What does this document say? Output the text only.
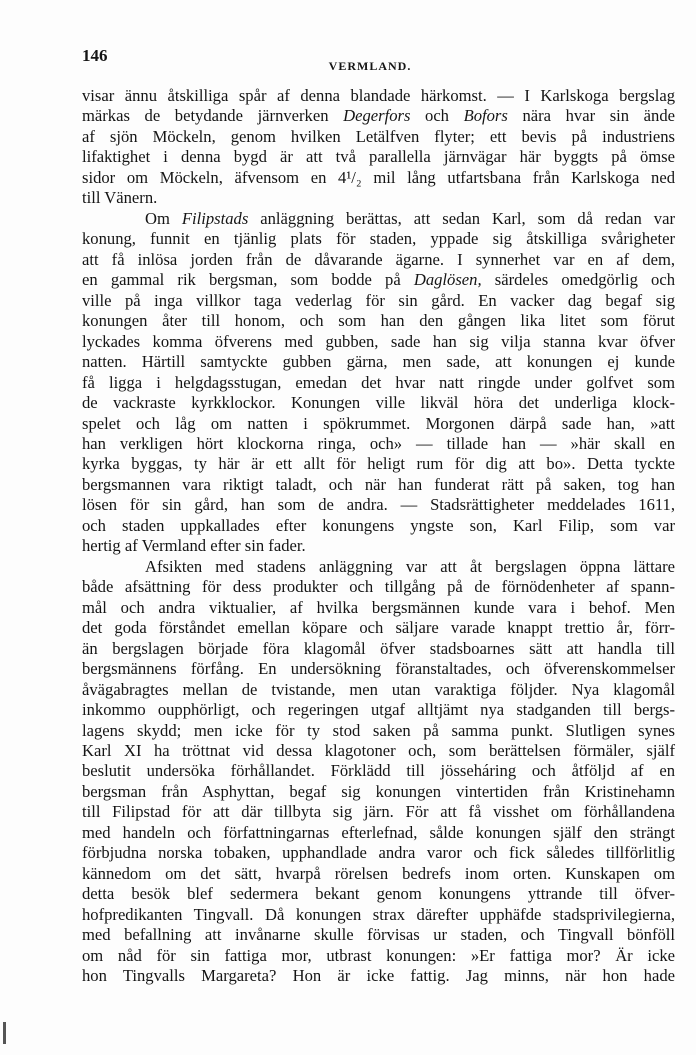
146
VERMLAND.
visar ännu åtskilliga spår af denna blandade härkomst. — I Karlskoga bergslag
märkas de betydande järnverken Degerfors och Bofors nära hvar sin ände
af sjön Möckeln, genom hvilken Letälfven flyter; ett bevis på industriens
lifaktighet i denna bygd är att två parallella järnvägar här byggts på ömse
sidor om Möckeln, äfvensom en 4¹/₂ mil lång utfartsbana från Karlskoga ned
till Vänern.
Om Filipstads anläggning berättas, att sedan Karl, som då redan var
konung, funnit en tjänlig plats för staden, yppade sig åtskilliga svårigheter
att få inlösa jorden från de dåvarande ägarne. I synnerhet var en af dem,
en gammal rik bergsman, som bodde på Daglösen, särdeles omedgörlig och
ville på inga villkor taga vederlag för sin gård. En vacker dag begaf sig
konungen åter till honom, och som han den gången lika litet som förut
lyckades komma öfverens med gubben, sade han sig vilja stanna kvar öfver
natten. Härtill samtyckte gubben gärna, men sade, att konungen ej kunde
få ligga i helgdagsstugan, emedan det hvar natt ringde under golfvet som
de vackraste kyrkklockor. Konungen ville likväl höra det underliga klock-
spelet och låg om natten i spökrummet. Morgonen därpå sade han, »att
han verkligen hört klockorna ringa, och» — tillade han — »här skall en
kyrka byggas, ty här är ett allt för heligt rum för dig att bo». Detta tyckte
bergsmannen vara riktigt taladt, och när han funderat rätt på saken, tog han
lösen för sin gård, han som de andra. — Stadsrättigheter meddelades 1611,
och staden uppkallades efter konungens yngste son, Karl Filip, som var
hertig af Vermland efter sin fader.
Afsikten med stadens anläggning var att åt bergslagen öppna lättare
både afsättning för dess produkter och tillgång på de förnödenheter af spann-
mål och andra viktualier, af hvilka bergsmännen kunde vara i behof. Men
det goda förståndet emellan köpare och säljare varade knappt trettio år, förr-
än bergslagen började föra klagomål öfver stadsboarnes sätt att handla till
bergsmännens förfång. En undersökning föranstaltades, och öfverenskommelser
åvägabragtes mellan de tvistande, men utan varaktiga följder. Nya klagomål
inkommo oupphörligt, och regeringen utgaf alltjämt nya stadganden till bergs-
lagens skydd; men icke för ty stod saken på samma punkt. Slutligen synes
Karl XI ha tröttnat vid dessa klagotoner och, som berättelsen förmäler, själf
beslutit undersöka förhållandet. Förklädd till jösseháring och åtföljd af en
bergsman från Asphyttan, begaf sig konungen vintertiden från Kristinehamn
till Filipstad för att där tillbyta sig järn. För att få visshet om förhållandena
med handeln och författningarnas efterlefnad, sålde konungen själf den strängt
förbjudna norska tobaken, upphandlade andra varor och fick således tillförlitlig
kännedom om det sätt, hvarpå rörelsen bedrefs inom orten. Kunskapen om
detta besök blef sedermera bekant genom konungens yttrande till öfver-
hofpredikanten Tingvall. Då konungen strax därefter upphäfde stadsprivilegierna,
med befallning att invånarne skulle förvisas ur staden, och Tingvall bönföll
om nåd för sin fattiga mor, utbrast konungen: »Er fattiga mor? Är icke
hon Tingvalls Margareta? Hon är icke fattig. Jag minns, när hon hade
